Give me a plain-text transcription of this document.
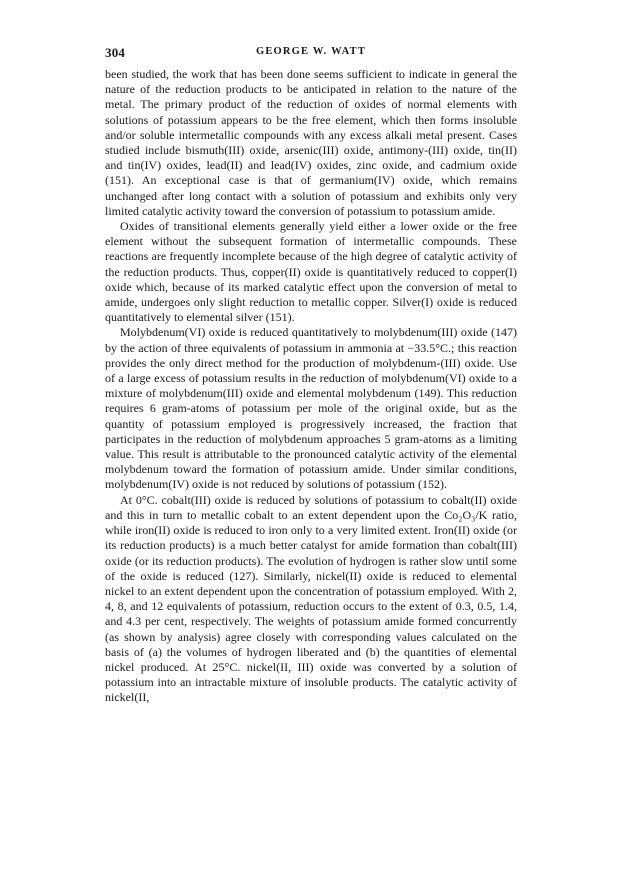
304	GEORGE W. WATT

been studied, the work that has been done seems sufficient to indicate in general the nature of the reduction products to be anticipated in relation to the nature of the metal. The primary product of the reduction of oxides of normal elements with solutions of potassium appears to be the free element, which then forms insoluble and/or soluble intermetallic compounds with any excess alkali metal present. Cases studied include bismuth(III) oxide, arsenic(III) oxide, antimony-(III) oxide, tin(II) and tin(IV) oxides, lead(II) and lead(IV) oxides, zinc oxide, and cadmium oxide (151). An exceptional case is that of germanium(IV) oxide, which remains unchanged after long contact with a solution of potassium and exhibits only very limited catalytic activity toward the conversion of potassium to potassium amide.

Oxides of transitional elements generally yield either a lower oxide or the free element without the subsequent formation of intermetallic compounds. These reactions are frequently incomplete because of the high degree of catalytic activity of the reduction products. Thus, copper(II) oxide is quantitatively reduced to copper(I) oxide which, because of its marked catalytic effect upon the conversion of metal to amide, undergoes only slight reduction to metallic copper. Silver(I) oxide is reduced quantitatively to elemental silver (151).

Molybdenum(VI) oxide is reduced quantitatively to molybdenum(III) oxide (147) by the action of three equivalents of potassium in ammonia at −33.5°C.; this reaction provides the only direct method for the production of molybdenum-(III) oxide. Use of a large excess of potassium results in the reduction of molybdenum(VI) oxide to a mixture of molybdenum(III) oxide and elemental molybdenum (149). This reduction requires 6 gram-atoms of potassium per mole of the original oxide, but as the quantity of potassium employed is progressively increased, the fraction that participates in the reduction of molybdenum approaches 5 gram-atoms as a limiting value. This result is attributable to the pronounced catalytic activity of the elemental molybdenum toward the formation of potassium amide. Under similar conditions, molybdenum(IV) oxide is not reduced by solutions of potassium (152).

At 0°C. cobalt(III) oxide is reduced by solutions of potassium to cobalt(II) oxide and this in turn to metallic cobalt to an extent dependent upon the Co₂O₃/K ratio, while iron(II) oxide is reduced to iron only to a very limited extent. Iron(II) oxide (or its reduction products) is a much better catalyst for amide formation than cobalt(III) oxide (or its reduction products). The evolution of hydrogen is rather slow until some of the oxide is reduced (127). Similarly, nickel(II) oxide is reduced to elemental nickel to an extent dependent upon the concentration of potassium employed. With 2, 4, 8, and 12 equivalents of potassium, reduction occurs to the extent of 0.3, 0.5, 1.4, and 4.3 per cent, respectively. The weights of potassium amide formed concurrently (as shown by analysis) agree closely with corresponding values calculated on the basis of (a) the volumes of hydrogen liberated and (b) the quantities of elemental nickel produced. At 25°C. nickel(II, III) oxide was converted by a solution of potassium into an intractable mixture of insoluble products. The catalytic activity of nickel(II,
